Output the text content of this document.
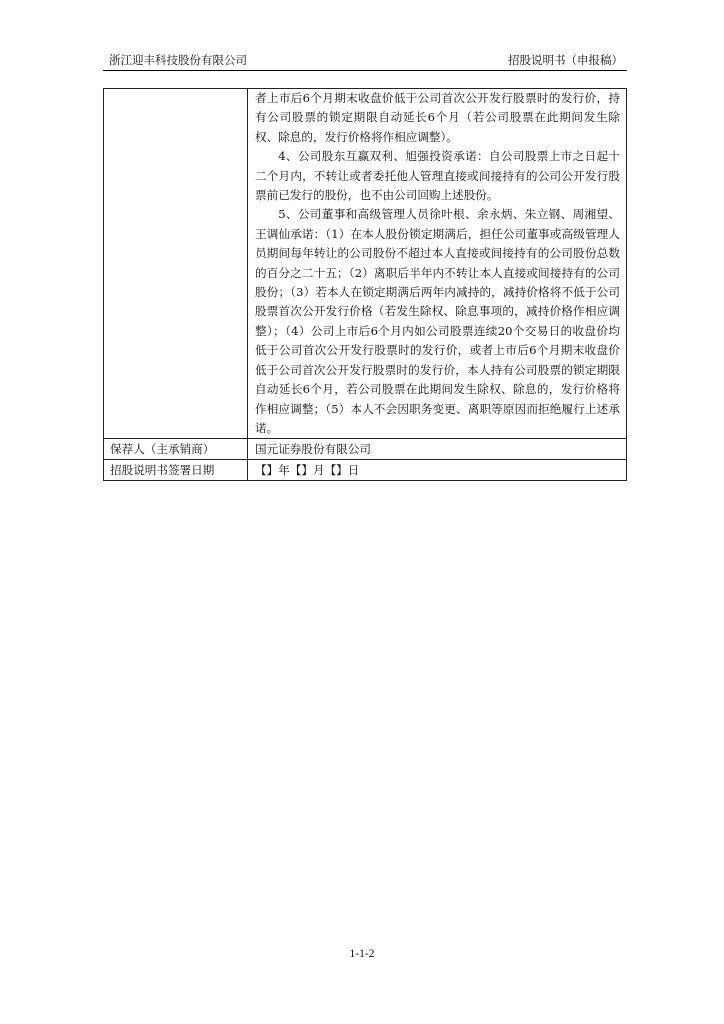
浙江迎丰科技股份有限公司	招股说明书（申报稿）

	者上市后6个月期末收盘价低于公司首次公开发行股票时的发行价，持有公司股票的锁定期限自动延长6个月（若公司股票在此期间发生除权、除息的，发行价格将作相应调整）。
4、公司股东互赢双利、旭强投资承诺：自公司股票上市之日起十二个月内，不转让或者委托他人管理直接或间接持有的公司公开发行股票前已发行的股份，也不由公司回购上述股份。
5、公司董事和高级管理人员徐叶根、余永炳、朱立钢、周湘望、王调仙承诺：（1）在本人股份锁定期满后，担任公司董事或高级管理人员期间每年转让的公司股份不超过本人直接或间接持有的公司股份总数的百分之二十五；（2）离职后半年内不转让本人直接或间接持有的公司股份；（3）若本人在锁定期满后两年内减持的，减持价格将不低于公司股票首次公开发行价格（若发生除权、除息事项的，减持价格作相应调整）；（4）公司上市后6个月内如公司股票连续20个交易日的收盘价均低于公司首次公开发行股票时的发行价，或者上市后6个月期末收盘价低于公司首次公开发行股票时的发行价，本人持有公司股票的锁定期限自动延长6个月，若公司股票在此期间发生除权、除息的，发行价格将作相应调整；（5）本人不会因职务变更、离职等原因而拒绝履行上述承诺。

保荐人（主承销商）	国元证券股份有限公司
招股说明书签署日期	【】年【】月【】日
1-1-2
